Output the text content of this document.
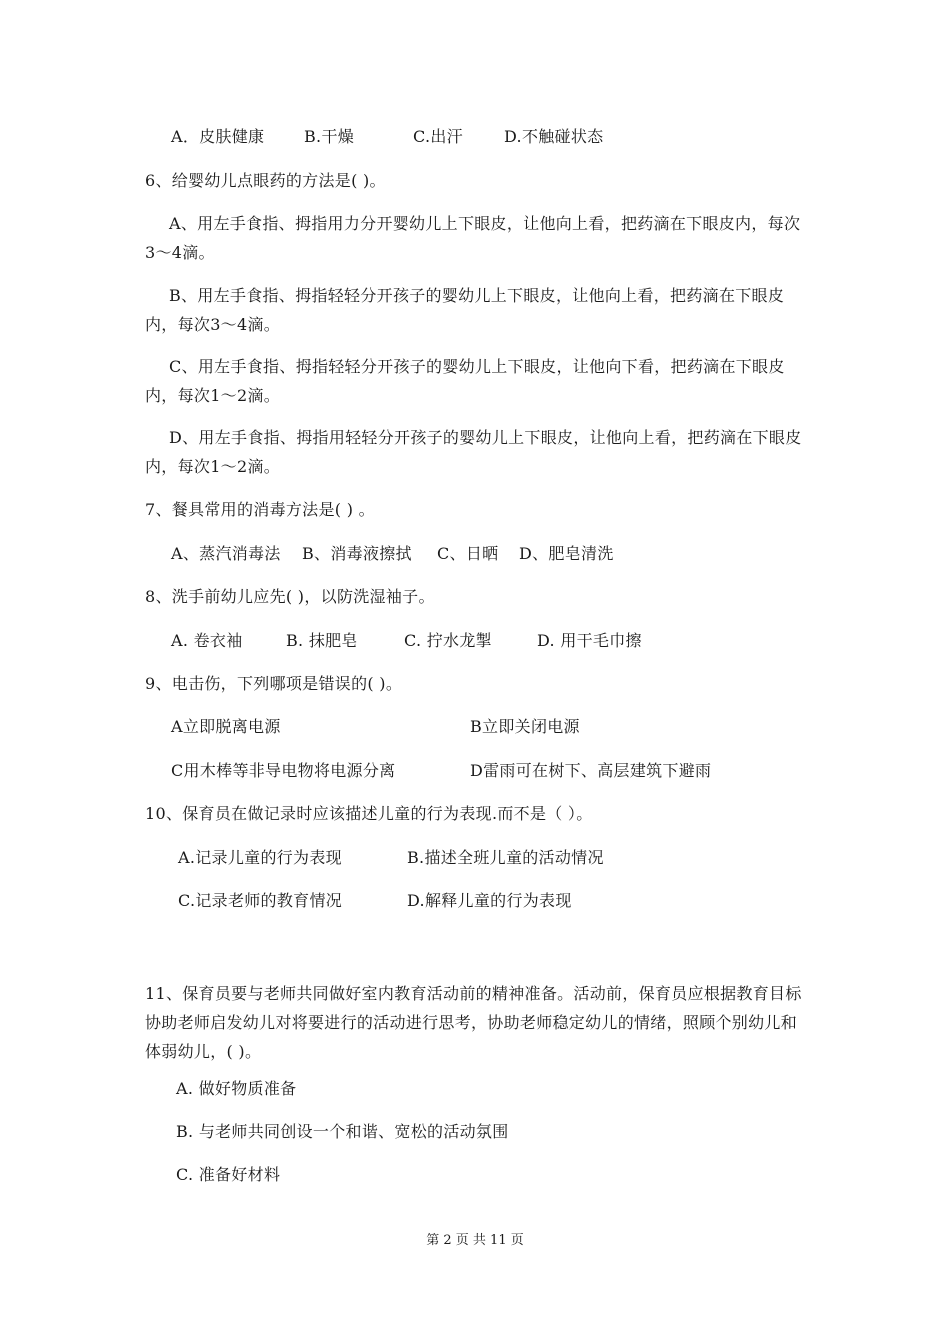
A．皮肤健康 B.干燥	C.出汗	D.不触碰状态
6、给婴幼儿点眼药的方法是( )。
A、用左手食指、拇指用力分开婴幼儿上下眼皮，让他向上看，把药滴在下眼皮内，每次3～4滴。
B、用左手食指、拇指轻轻分开孩子的婴幼儿上下眼皮，让他向上看，把药滴在下眼皮内，每次3～4滴。
C、用左手食指、拇指轻轻分开孩子的婴幼儿上下眼皮，让他向下看，把药滴在下眼皮内，每次1～2滴。
D、用左手食指、拇指用轻轻分开孩子的婴幼儿上下眼皮，让他向上看，把药滴在下眼皮内，每次1～2滴。
7、餐具常用的消毒方法是( ) 。
A、蒸汽消毒法 B、消毒液擦拭 C、日晒 D、肥皂清洗
8、洗手前幼儿应先( )，以防洗湿袖子。
A. 卷衣袖	B. 抹肥皂	C. 拧水龙掣	D. 用干毛巾擦
9、电击伤，下列哪项是错误的( )。
A立即脱离电源	B立即关闭电源
C用木棒等非导电物将电源分离	D雷雨可在树下、高层建筑下避雨
10、保育员在做记录时应该描述儿童的行为表现.而不是（ ）。
A.记录儿童的行为表现	B.描述全班儿童的活动情况
C.记录老师的教育情况	D.解释儿童的行为表现
11、保育员要与老师共同做好室内教育活动前的精神准备。活动前，保育员应根据教育目标协助老师启发幼儿对将要进行的活动进行思考，协助老师稳定幼儿的情绪，照顾个别幼儿和体弱幼儿，( )。
A. 做好物质准备
B. 与老师共同创设一个和谐、宽松的活动氛围
C. 准备好材料
第 2 页 共 11 页
